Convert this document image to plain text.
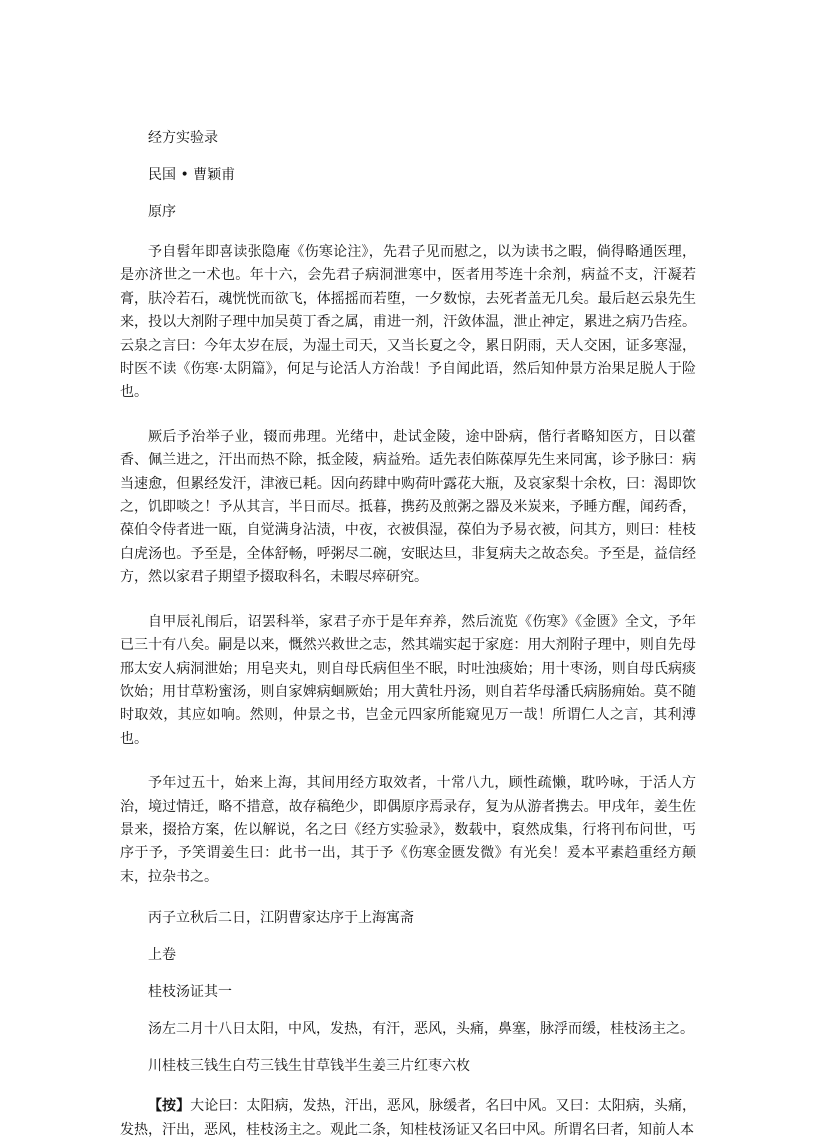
经方实验录
民国 • 曹颖甫
原序

予自髫年即喜读张隐庵《伤寒论注》，先君子见而慰之，以为读书之暇，倘得略通医理，是亦济世之一术也。年十六，会先君子病洞泄寒中，医者用芩连十余剂，病益不支，汗凝若膏，肤冷若石，魂恍恍而欲飞，体摇摇而若堕，一夕数惊，去死者盖无几矣。最后赵云泉先生来，投以大剂附子理中加吴萸丁香之属，甫进一剂，汗敛体温，泄止神定，累进之病乃告痊。云泉之言曰：今年太岁在辰，为湿土司天，又当长夏之令，累日阴雨，天人交困，证多寒湿，时医不读《伤寒·太阴篇》，何足与论活人方治哉！予自闻此语，然后知仲景方治果足脱人于险也。

厥后予治举子业，辍而弗理。光绪中，赴试金陵，途中卧病，偕行者略知医方，日以藿香、佩兰进之，汗出而热不除，抵金陵，病益殆。适先表伯陈葆厚先生来同寓，诊予脉曰：病当速愈，但累经发汗，津液已耗。因向药肆中购荷叶露花大瓶，及哀家梨十余枚，曰：渴即饮之，饥即啖之！予从其言，半日而尽。抵暮，携药及煎粥之器及米炭来，予睡方醒，闻药香，葆伯令侍者进一瓯，自觉满身沾渍，中夜，衣被俱湿，葆伯为予易衣被，问其方，则曰：桂枝白虎汤也。予至是，全体舒畅，呼粥尽二碗，安眠达旦，非复病夫之故态矣。予至是，益信经方，然以家君子期望予掇取科名，未暇尽瘁研究。

自甲辰礼闱后，诏罢科举，家君子亦于是年弃养，然后流览《伤寒》《金匮》全文，予年已三十有八矣。嗣是以来，慨然兴救世之志，然其端实起于家庭：用大剂附子理中，则自先母邢太安人病洞泄始；用皂夹丸，则自母氏病但坐不眠，时吐浊痰始；用十枣汤，则自母氏病痰饮始；用甘草粉蜜汤，则自家婢病蛔厥始；用大黄牡丹汤，则自若华母潘氏病肠痈始。莫不随时取效，其应如响。然则，仲景之书，岂金元四家所能窥见万一哉！所谓仁人之言，其利溥也。

予年过五十，始来上海，其间用经方取效者，十常八九，顾性疏懒，耽吟咏，于活人方治，境过情迁，略不措意，故存稿绝少，即偶原序焉录存，复为从游者携去。甲戌年，姜生佐景来，掇拾方案，佐以解说，名之曰《经方实验录》，数载中，裒然成集，行将刊布问世，丐序于予，予笑谓姜生曰：此书一出，其于予《伤寒金匮发微》有光矣！爰本平素趋重经方颠末，拉杂书之。

丙子立秋后二日，江阴曹家达序于上海寓斋
上卷
桂枝汤证其一
汤左二月十八日太阳，中风，发热，有汗，恶风，头痛，鼻塞，脉浮而缓，桂枝汤主之。
川桂枝三钱生白芍三钱生甘草钱半生姜三片红枣六枚

【按】大论曰：太阳病，发热，汗出，恶风，脉缓者，名曰中风。又曰：太阳病，头痛，发热，汗出，恶风，桂枝汤主之。观此二条，知桂枝汤证又名曰中风。所谓名曰者，知前人本
